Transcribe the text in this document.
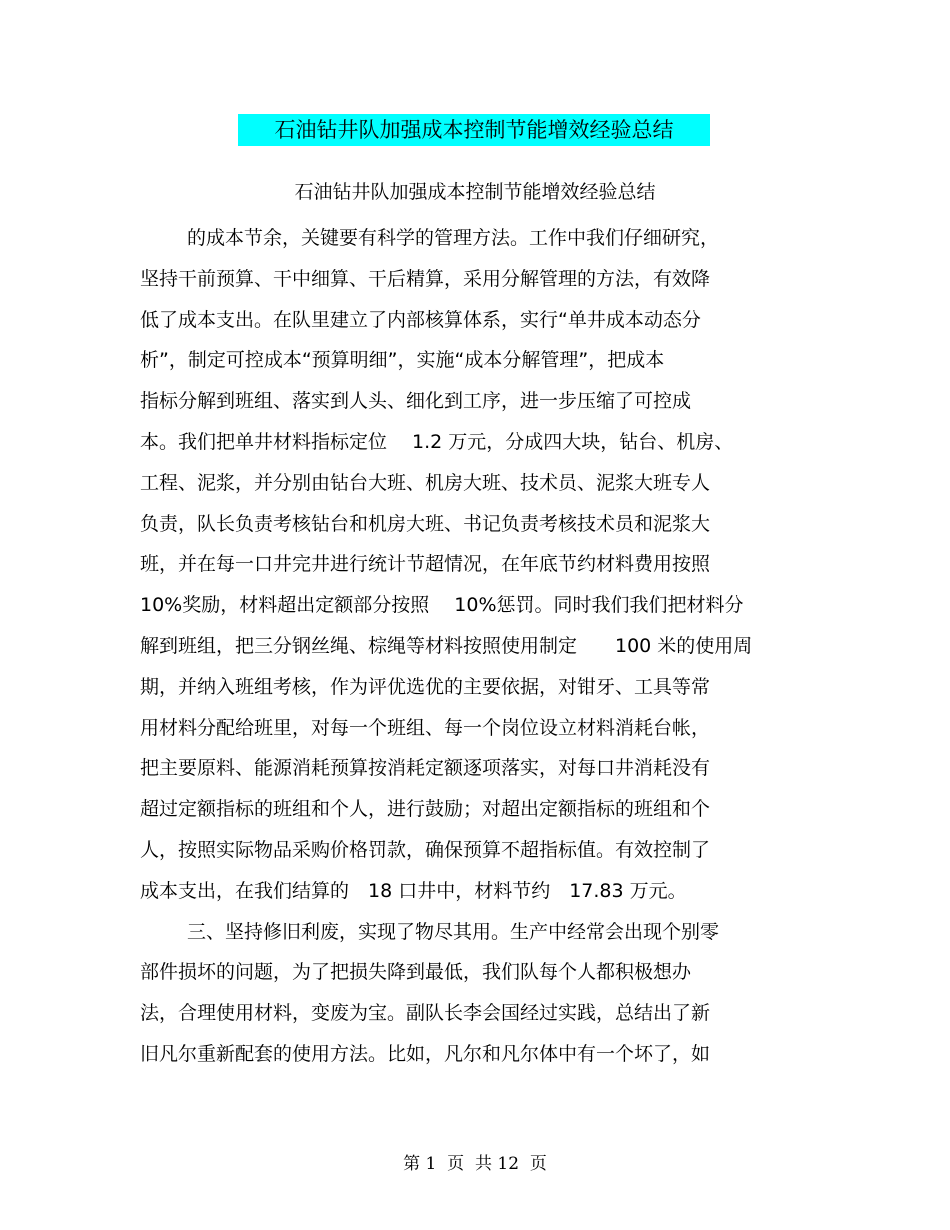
石油钻井队加强成本控制节能增效经验总结
石油钻井队加强成本控制节能增效经验总结
的成本节余，关键要有科学的管理方法。工作中我们仔细研究，
坚持干前预算、干中细算、干后精算，采用分解管理的方法，有效降
低了成本支出。在队里建立了内部核算体系，实行“单井成本动态分
析”，制定可控成本“预算明细”，实施“成本分解管理”，把成本
指标分解到班组、落实到人头、细化到工序，进一步压缩了可控成
本。我们把单井材料指标定位　 1.2 万元，分成四大块，钻台、机房、
工程、泥浆，并分别由钻台大班、机房大班、技术员、泥浆大班专人
负责，队长负责考核钻台和机房大班、书记负责考核技术员和泥浆大
班，并在每一口井完井进行统计节超情况，在年底节约材料费用按照
10%奖励，材料超出定额部分按照　 10%惩罚。同时我们我们把材料分
解到班组，把三分钢丝绳、棕绳等材料按照使用制定　　100 米的使用周
期，并纳入班组考核，作为评优选优的主要依据，对钳牙、工具等常
用材料分配给班里，对每一个班组、每一个岗位设立材料消耗台帐，
把主要原料、能源消耗预算按消耗定额逐项落实，对每口井消耗没有
超过定额指标的班组和个人，进行鼓励；对超出定额指标的班组和个
人，按照实际物品采购价格罚款，确保预算不超指标值。有效控制了
成本支出，在我们结算的　18 口井中，材料节约　17.83 万元。
三、坚持修旧利废，实现了物尽其用。生产中经常会出现个别零
部件损坏的问题，为了把损失降到最低，我们队每个人都积极想办
法，合理使用材料，变废为宝。副队长李会国经过实践，总结出了新
旧凡尔重新配套的使用方法。比如，凡尔和凡尔体中有一个坏了，如
第 1  页  共 12  页
